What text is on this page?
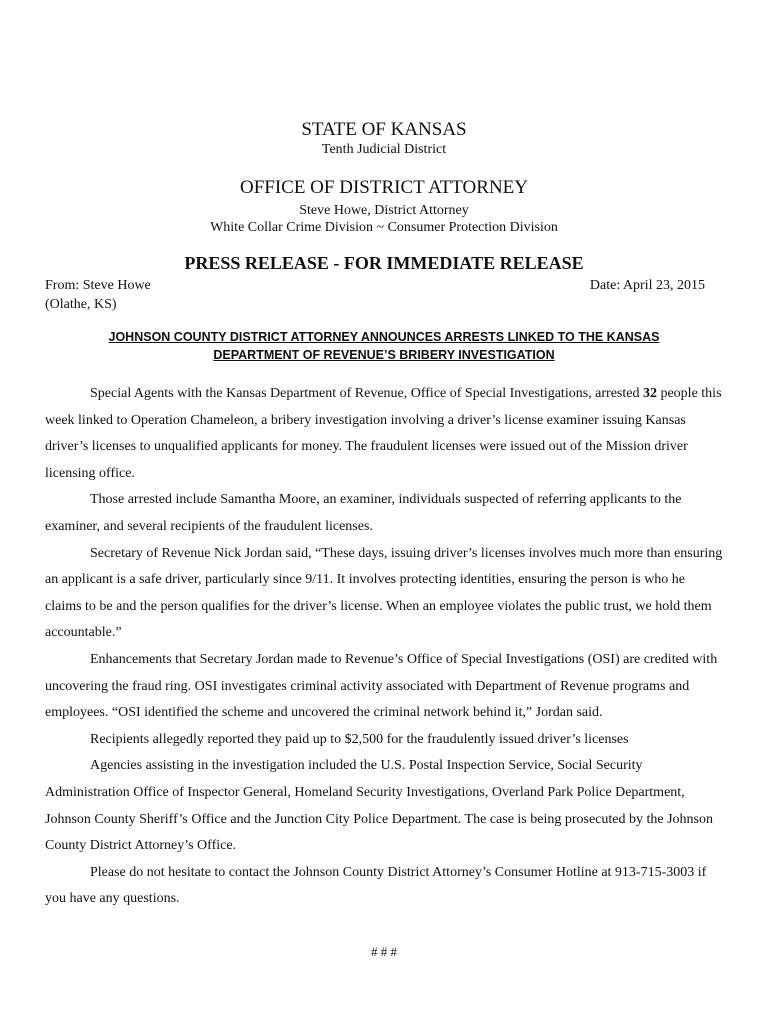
STATE OF KANSAS
Tenth Judicial District
OFFICE OF DISTRICT ATTORNEY
Steve Howe, District Attorney
White Collar Crime Division ~ Consumer Protection Division
PRESS RELEASE - FOR IMMEDIATE RELEASE
From: Steve Howe
(Olathe, KS)
Date: April 23, 2015
JOHNSON COUNTY DISTRICT ATTORNEY ANNOUNCES ARRESTS LINKED TO THE KANSAS
DEPARTMENT OF REVENUE’S BRIBERY INVESTIGATION

Special Agents with the Kansas Department of Revenue, Office of Special Investigations, arrested 32 people this week linked to Operation Chameleon, a bribery investigation involving a driver’s license examiner issuing Kansas driver’s licenses to unqualified applicants for money. The fraudulent licenses were issued out of the Mission driver licensing office.

Those arrested include Samantha Moore, an examiner, individuals suspected of referring applicants to the examiner, and several recipients of the fraudulent licenses.

Secretary of Revenue Nick Jordan said, “These days, issuing driver’s licenses involves much more than ensuring an applicant is a safe driver, particularly since 9/11. It involves protecting identities, ensuring the person is who he claims to be and the person qualifies for the driver’s license. When an employee violates the public trust, we hold them accountable.”

Enhancements that Secretary Jordan made to Revenue’s Office of Special Investigations (OSI) are credited with uncovering the fraud ring. OSI investigates criminal activity associated with Department of Revenue programs and employees. “OSI identified the scheme and uncovered the criminal network behind it,” Jordan said.

Recipients allegedly reported they paid up to $2,500 for the fraudulently issued driver’s licenses

Agencies assisting in the investigation included the U.S. Postal Inspection Service, Social Security Administration Office of Inspector General, Homeland Security Investigations, Overland Park Police Department, Johnson County Sheriff’s Office and the Junction City Police Department. The case is being prosecuted by the Johnson County District Attorney’s Office.

Please do not hesitate to contact the Johnson County District Attorney’s Consumer Hotline at 913-715-3003 if you have any questions.

# # #
